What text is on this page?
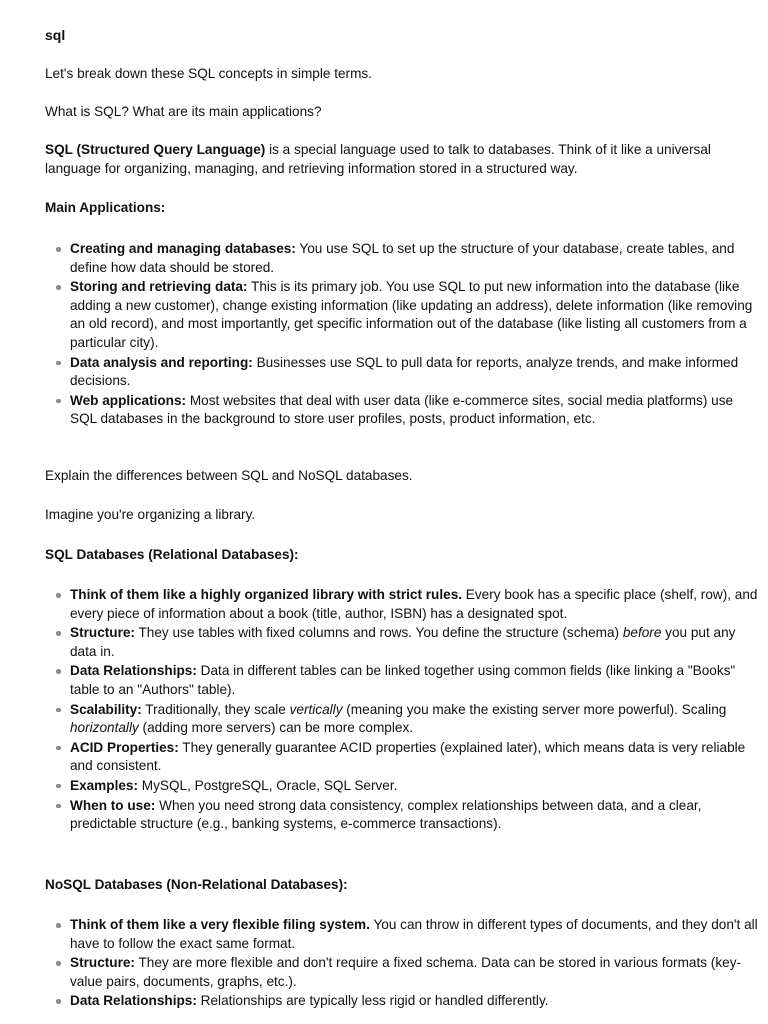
sql

Let's break down these SQL concepts in simple terms.

What is SQL? What are its main applications?

SQL (Structured Query Language) is a special language used to talk to databases. Think of it like a universal language for organizing, managing, and retrieving information stored in a structured way.

Main Applications:

Creating and managing databases: You use SQL to set up the structure of your database, create tables, and define how data should be stored.
Storing and retrieving data: This is its primary job. You use SQL to put new information into the database (like adding a new customer), change existing information (like updating an address), delete information (like removing an old record), and most importantly, get specific information out of the database (like listing all customers from a particular city).
Data analysis and reporting: Businesses use SQL to pull data for reports, analyze trends, and make informed decisions.
Web applications: Most websites that deal with user data (like e-commerce sites, social media platforms) use SQL databases in the background to store user profiles, posts, product information, etc.

Explain the differences between SQL and NoSQL databases.

Imagine you're organizing a library.

SQL Databases (Relational Databases):

Think of them like a highly organized library with strict rules. Every book has a specific place (shelf, row), and every piece of information about a book (title, author, ISBN) has a designated spot.
Structure: They use tables with fixed columns and rows. You define the structure (schema) before you put any data in.
Data Relationships: Data in different tables can be linked together using common fields (like linking a "Books" table to an "Authors" table).
Scalability: Traditionally, they scale vertically (meaning you make the existing server more powerful). Scaling horizontally (adding more servers) can be more complex.
ACID Properties: They generally guarantee ACID properties (explained later), which means data is very reliable and consistent.
Examples: MySQL, PostgreSQL, Oracle, SQL Server.
When to use: When you need strong data consistency, complex relationships between data, and a clear, predictable structure (e.g., banking systems, e-commerce transactions).

NoSQL Databases (Non-Relational Databases):

Think of them like a very flexible filing system. You can throw in different types of documents, and they don't all have to follow the exact same format.
Structure: They are more flexible and don't require a fixed schema. Data can be stored in various formats (key-value pairs, documents, graphs, etc.).
Data Relationships: Relationships are typically less rigid or handled differently.
